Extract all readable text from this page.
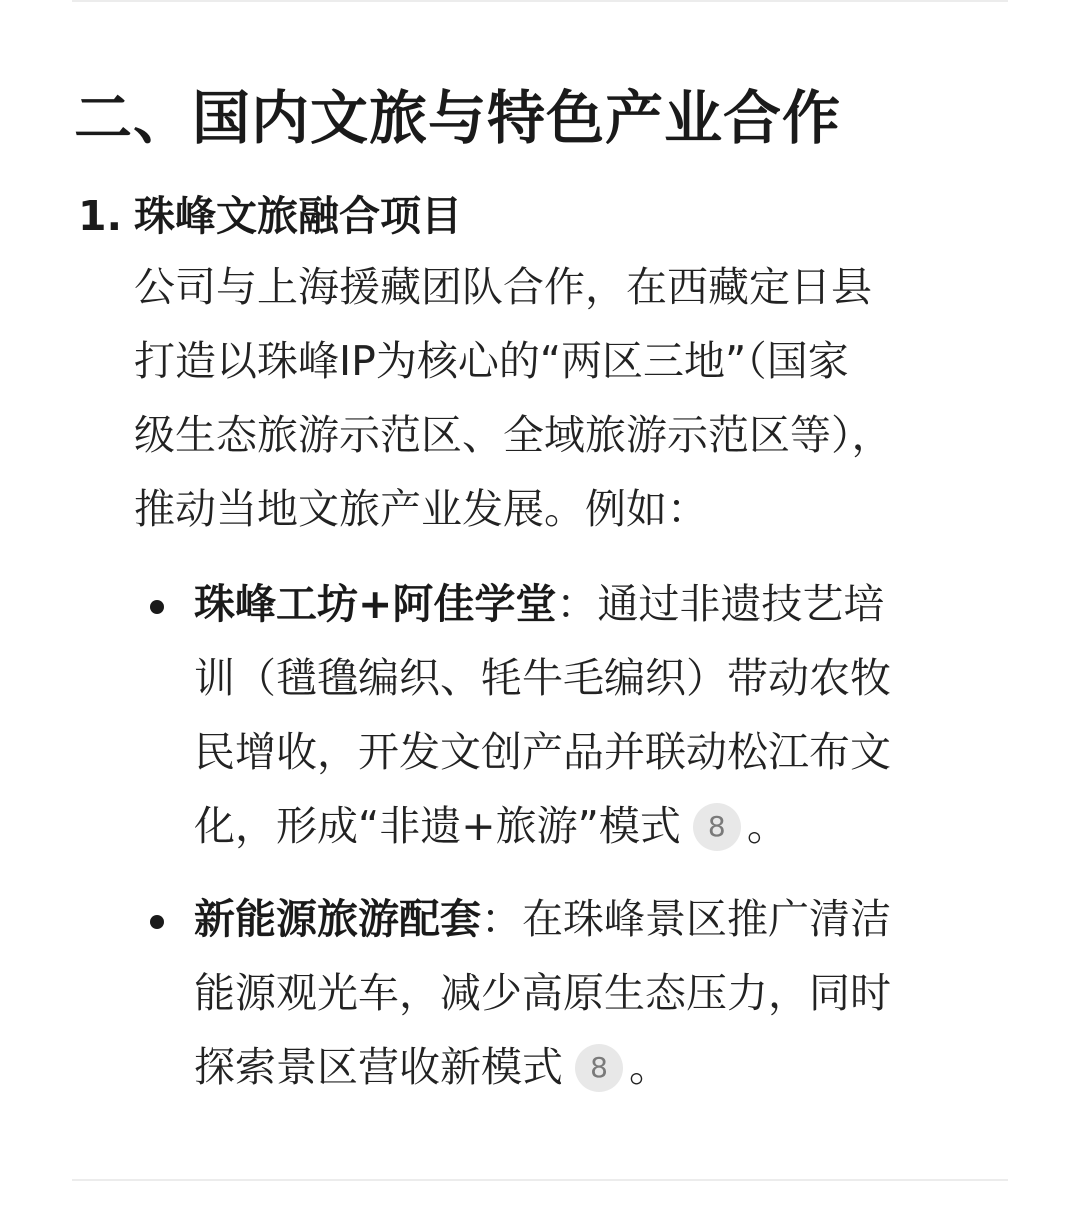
二、国内文旅与特色产业合作
1. 珠峰文旅融合项目
公司与上海援藏团队合作，在西藏定日县
打造以珠峰IP为核心的“两区三地”（国家
级生态旅游示范区、全域旅游示范区等），
推动当地文旅产业发展。例如：
珠峰工坊+阿佳学堂：通过非遗技艺培
训（氆氇编织、牦牛毛编织）带动农牧
民增收，开发文创产品并联动松江布文
化，形成“非遗+旅游”模式 8 。
新能源旅游配套：在珠峰景区推广清洁
能源观光车，减少高原生态压力，同时
探索景区营收新模式 8 。
